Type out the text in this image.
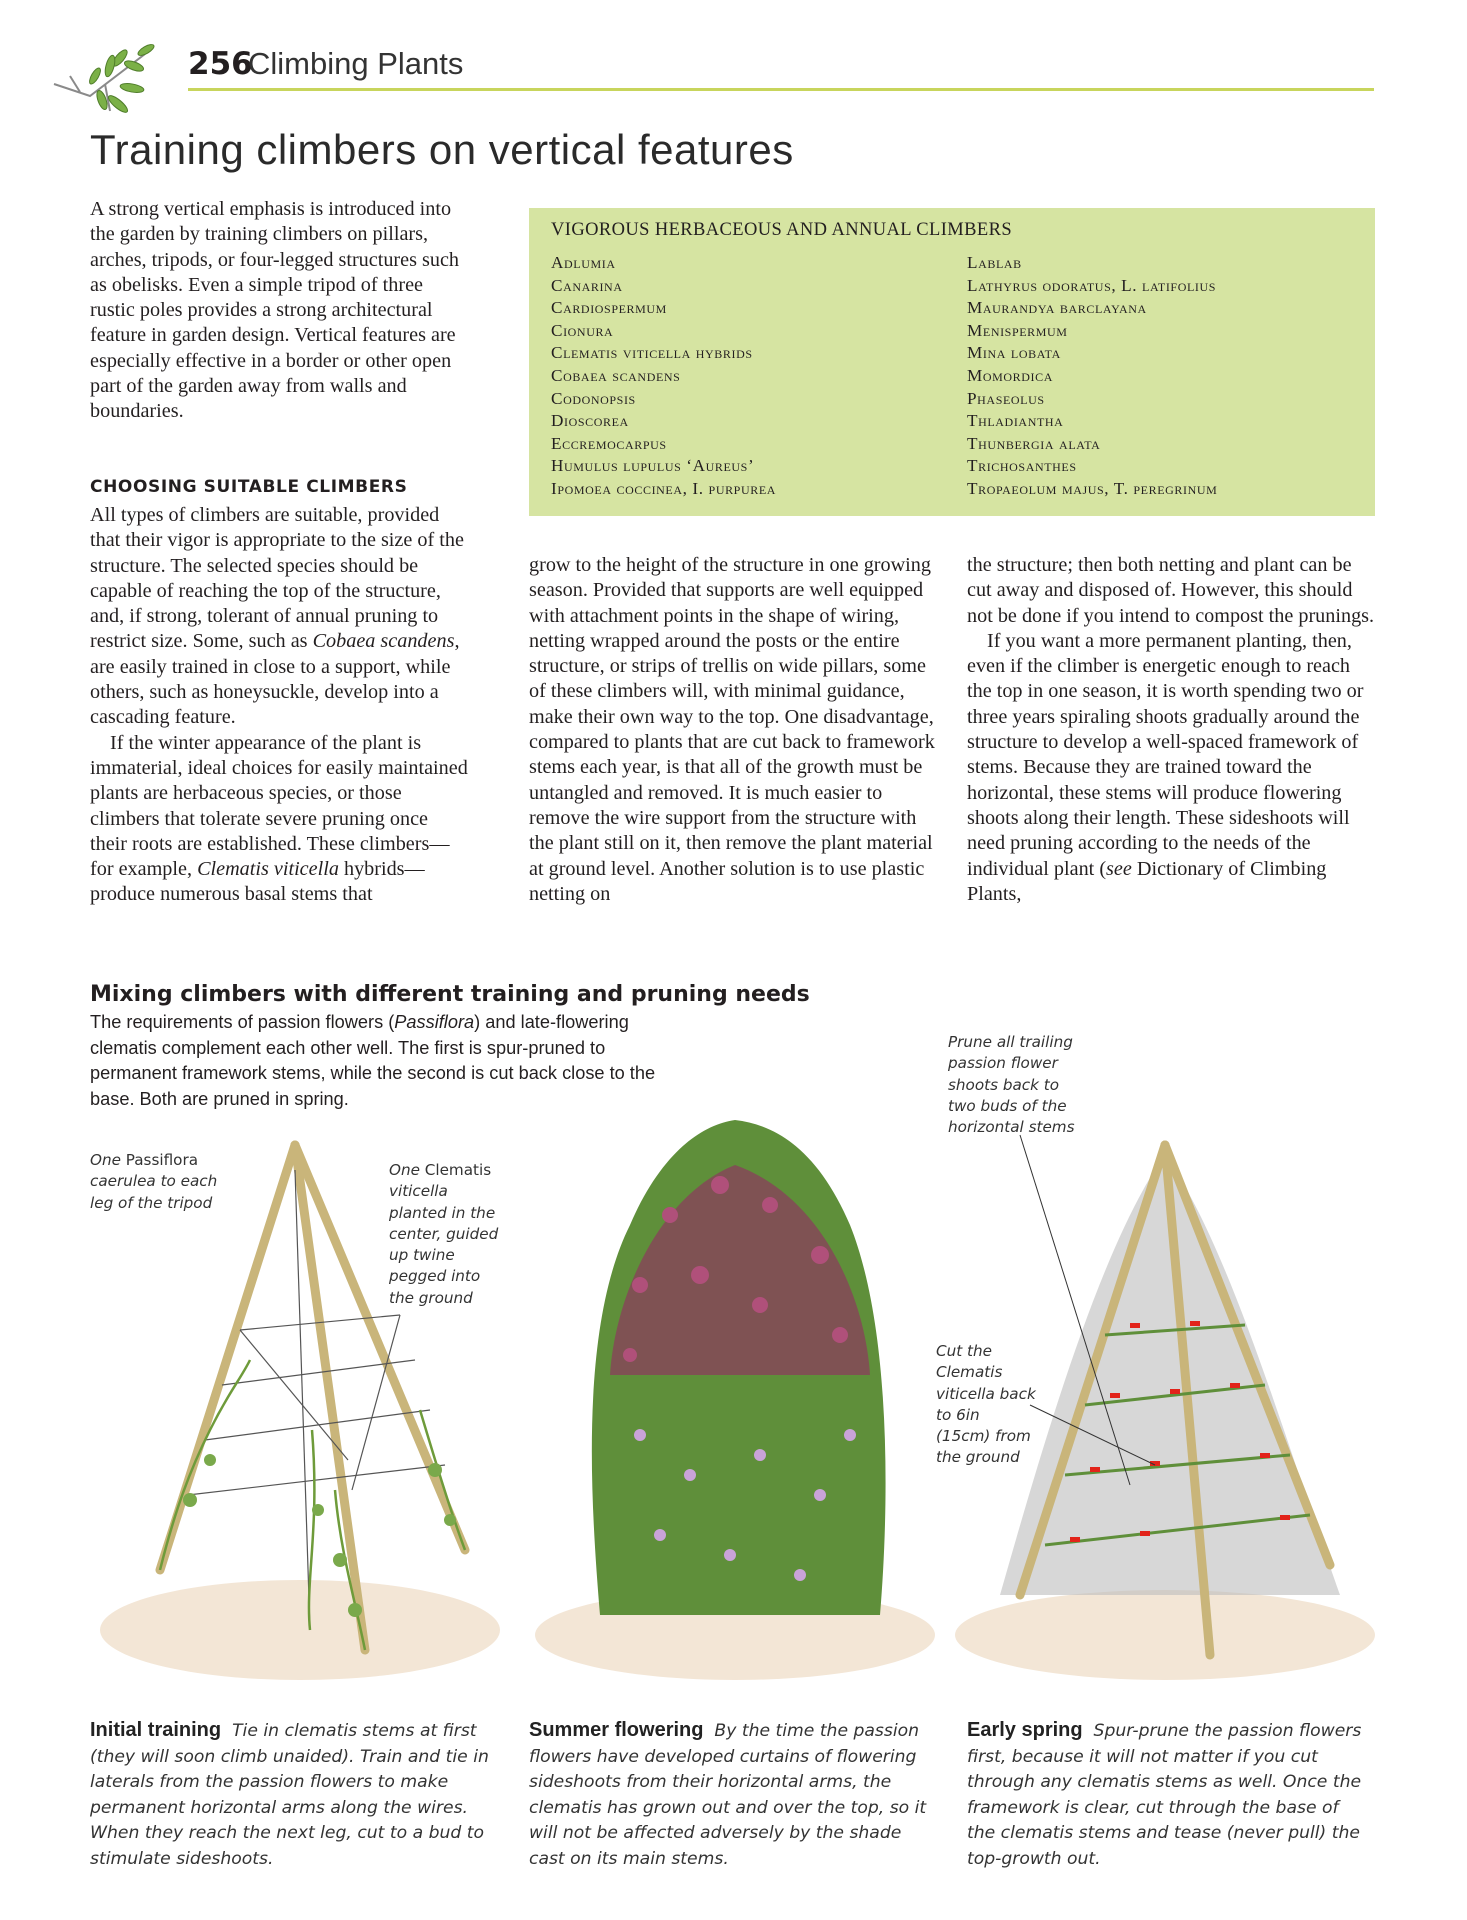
256
Climbing Plants
Training climbers on vertical features

A strong vertical emphasis is introduced into the garden by training climbers on pillars, arches, tripods, or four-legged structures such as obelisks. Even a simple tripod of three rustic poles provides a strong architectural feature in garden design. Vertical features are especially effective in a border or other open part of the garden away from walls and boundaries.

CHOOSING SUITABLE CLIMBERS

All types of climbers are suitable, provided that their vigor is appropriate to the size of the structure. The selected species should be capable of reaching the top of the structure, and, if strong, tolerant of annual pruning to restrict size. Some, such as Cobaea scandens, are easily trained in close to a support, while others, such as honeysuckle, develop into a cascading feature.

If the winter appearance of the plant is immaterial, ideal choices for easily maintained plants are herbaceous species, or those climbers that tolerate severe pruning once their roots are established. These climbers—for example, Clematis viticella hybrids—produce numerous basal stems that

VIGOROUS HERBACEOUS AND ANNUAL CLIMBERS
Adlumia
Canarina
Cardiospermum
Cionura
Clematis viticella hybrids
Cobaea scandens
Codonopsis
Dioscorea
Eccremocarpus
Humulus lupulus ‘Aureus’
Ipomoea coccinea, I. purpurea
Lablab
Lathyrus odoratus, L. latifolius
Maurandya barclayana
Menispermum
Mina lobata
Momordica
Phaseolus
Thladiantha
Thunbergia alata
Trichosanthes
Tropaeolum majus, T. peregrinum

grow to the height of the structure in one growing season. Provided that supports are well equipped with attachment points in the shape of wiring, netting wrapped around the posts or the entire structure, or strips of trellis on wide pillars, some of these climbers will, with minimal guidance, make their own way to the top. One disadvantage, compared to plants that are cut back to framework stems each year, is that all of the growth must be untangled and removed. It is much easier to remove the wire support from the structure with the plant still on it, then remove the plant material at ground level. Another solution is to use plastic netting on

the structure; then both netting and plant can be cut away and disposed of. However, this should not be done if you intend to compost the prunings.

If you want a more permanent planting, then, even if the climber is energetic enough to reach the top in one season, it is worth spending two or three years spiraling shoots gradually around the structure to develop a well-spaced framework of stems. Because they are trained toward the horizontal, these stems will produce flowering shoots along their length. These sideshoots will need pruning according to the needs of the individual plant (see Dictionary of Climbing Plants,

Mixing climbers with different training and pruning needs
The requirements of passion flowers (Passiflora) and late-flowering clematis complement each other well. The first is spur-pruned to permanent framework stems, while the second is cut back close to the base. Both are pruned in spring.
One Passiflora caerulea to each leg of the tripod
One Clematis viticella planted in the center, guided up twine pegged into the ground
Prune all trailing passion flower shoots back to two buds of the horizontal stems
Cut the Clematis viticella back to 6in (15cm) from the ground
Initial training Tie in clematis stems at first (they will soon climb unaided). Train and tie in laterals from the passion flowers to make permanent horizontal arms along the wires. When they reach the next leg, cut to a bud to stimulate sideshoots.
Summer flowering By the time the passion flowers have developed curtains of flowering sideshoots from their horizontal arms, the clematis has grown out and over the top, so it will not be affected adversely by the shade cast on its main stems.
Early spring Spur-prune the passion flowers first, because it will not matter if you cut through any clematis stems as well. Once the framework is clear, cut through the base of the clematis stems and tease (never pull) the top-growth out.
